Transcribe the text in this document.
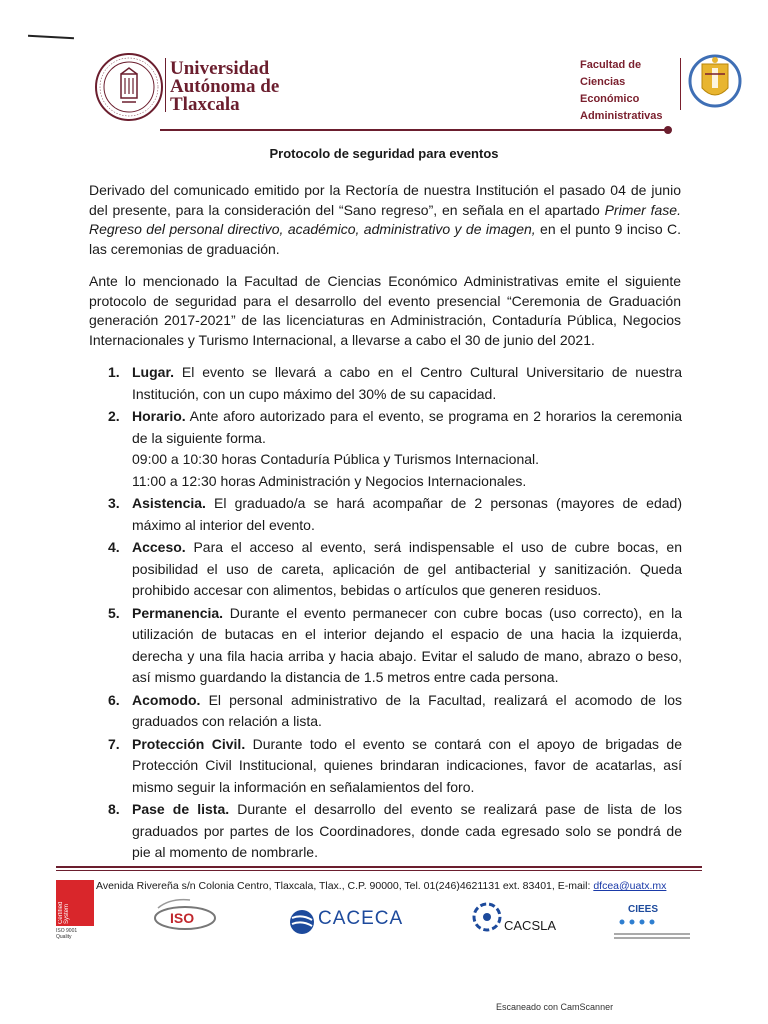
Universidad
Autónoma de
Tlaxcala
Facultad de
Ciencias
Económico
Administrativas
Protocolo de seguridad para eventos

Derivado del comunicado emitido por la Rectoría de nuestra Institución el pasado 04 de junio del presente, para la consideración del “Sano regreso”, en señala en el apartado Primer fase. Regreso del personal directivo, académico, administrativo y de imagen, en el punto 9 inciso C. las ceremonias de graduación.

Ante lo mencionado la Facultad de Ciencias Económico Administrativas emite el siguiente protocolo de seguridad para el desarrollo del evento presencial “Ceremonia de Graduación generación 2017-2021” de las licenciaturas en Administración, Contaduría Pública, Negocios Internacionales y Turismo Internacional, a llevarse a cabo el 30 de junio del 2021.

1. Lugar. El evento se llevará a cabo en el Centro Cultural Universitario de nuestra Institución, con un cupo máximo del 30% de su capacidad.
2. Horario. Ante aforo autorizado para el evento, se programa en 2 horarios la ceremonia de la siguiente forma.
09:00 a 10:30 horas Contaduría Pública y Turismos Internacional.
11:00 a 12:30 horas Administración y Negocios Internacionales.
3. Asistencia. El graduado/a se hará acompañar de 2 personas (mayores de edad) máximo al interior del evento.
4. Acceso. Para el acceso al evento, será indispensable el uso de cubre bocas, en posibilidad el uso de careta, aplicación de gel antibacterial y sanitización. Queda prohibido accesar con alimentos, bebidas o artículos que generen residuos.
5. Permanencia. Durante el evento permanecer con cubre bocas (uso correcto), en la utilización de butacas en el interior dejando el espacio de una hacia la izquierda, derecha y una fila hacia arriba y hacia abajo. Evitar el saludo de mano, abrazo o beso, así mismo guardando la distancia de 1.5 metros entre cada persona.
6. Acomodo. El personal administrativo de la Facultad, realizará el acomodo de los graduados con relación a lista.
7. Protección Civil. Durante todo el evento se contará con el apoyo de brigadas de Protección Civil Institucional, quienes brindaran indicaciones, favor de acatarlas, así mismo seguir la información en señalamientos del foro.
8. Pase de lista. Durante el desarrollo del evento se realizará pase de lista de los graduados por partes de los Coordinadores, donde cada egresado solo se pondrá de pie al momento de nombrarle.
Certified System
ISO 9001
Quality
Avenida Rivereña s/n Colonia Centro, Tlaxcala, Tlax., C.P. 90000, Tel. 01(246)4621131 ext. 83401, E-mail: dfcea@uatx.mx
ISO	CACECA	CACSLA
CIEES
Escaneado con CamScanner
